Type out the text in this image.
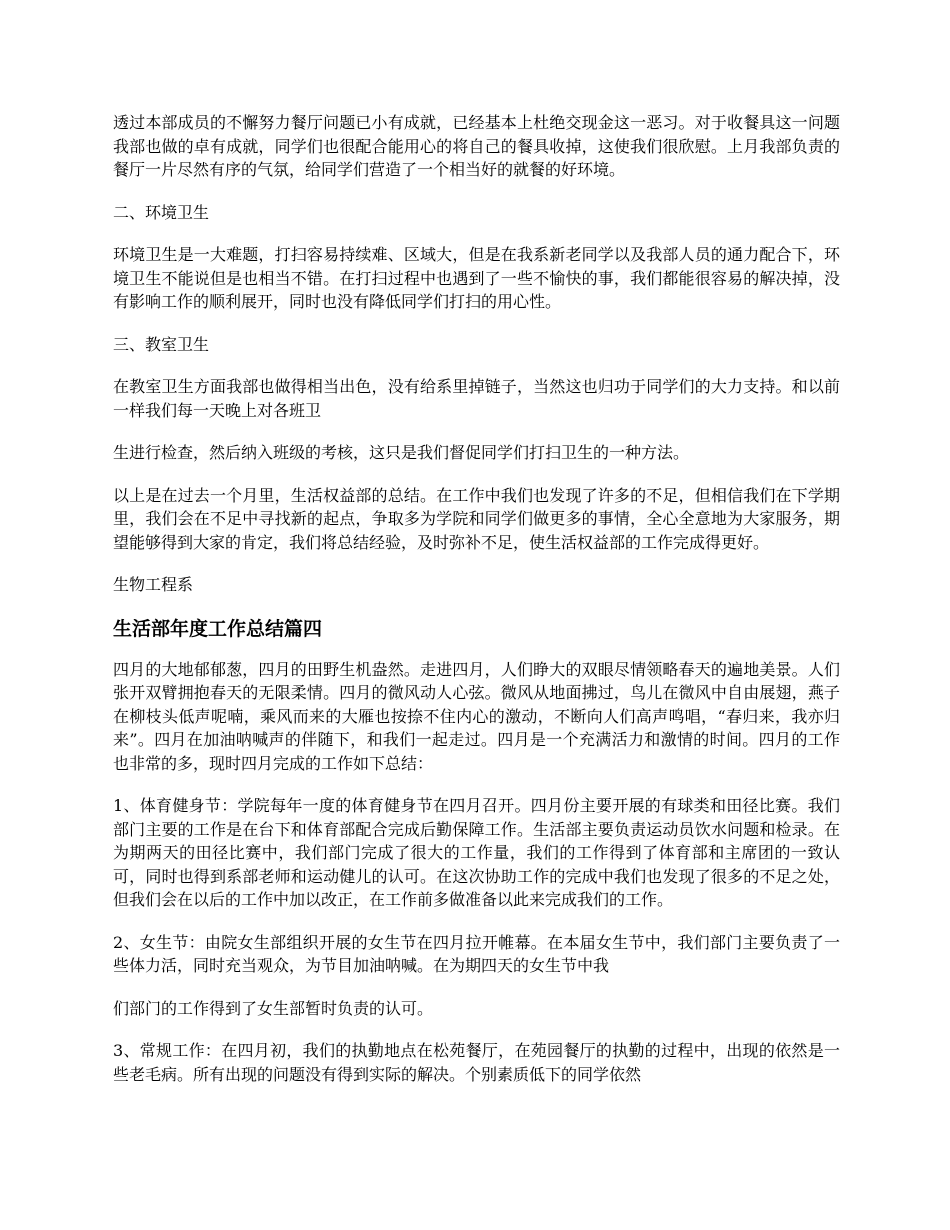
透过本部成员的不懈努力餐厅问题已小有成就，已经基本上杜绝交现金这一恶习。对于收餐具这一问题我部也做的卓有成就，同学们也很配合能用心的将自己的餐具收掉，这使我们很欣慰。上月我部负责的餐厅一片尽然有序的气氛，给同学们营造了一个相当好的就餐的好环境。

二、环境卫生

环境卫生是一大难题，打扫容易持续难、区域大，但是在我系新老同学以及我部人员的通力配合下，环境卫生不能说但是也相当不错。在打扫过程中也遇到了一些不愉快的事，我们都能很容易的解决掉，没有影响工作的顺利展开，同时也没有降低同学们打扫的用心性。

三、教室卫生

在教室卫生方面我部也做得相当出色，没有给系里掉链子，当然这也归功于同学们的大力支持。和以前一样我们每一天晚上对各班卫

生进行检查，然后纳入班级的考核，这只是我们督促同学们打扫卫生的一种方法。

以上是在过去一个月里，生活权益部的总结。在工作中我们也发现了许多的不足，但相信我们在下学期里，我们会在不足中寻找新的起点，争取多为学院和同学们做更多的事情，全心全意地为大家服务，期望能够得到大家的肯定，我们将总结经验，及时弥补不足，使生活权益部的工作完成得更好。

生物工程系

生活部年度工作总结篇四

四月的大地郁郁葱，四月的田野生机盎然。走进四月，人们睁大的双眼尽情领略春天的遍地美景。人们张开双臂拥抱春天的无限柔情。四月的微风动人心弦。微风从地面拂过，鸟儿在微风中自由展翅，燕子在柳枝头低声呢喃，乘风而来的大雁也按捺不住内心的激动，不断向人们高声鸣唱，“春归来，我亦归来”。四月在加油呐喊声的伴随下，和我们一起走过。四月是一个充满活力和激情的时间。四月的工作也非常的多，现时四月完成的工作如下总结：

1、体育健身节：学院每年一度的体育健身节在四月召开。四月份主要开展的有球类和田径比赛。我们部门主要的工作是在台下和体育部配合完成后勤保障工作。生活部主要负责运动员饮水问题和检录。在为期两天的田径比赛中，我们部门完成了很大的工作量，我们的工作得到了体育部和主席团的一致认可，同时也得到系部老师和运动健儿的认可。在这次协助工作的完成中我们也发现了很多的不足之处，但我们会在以后的工作中加以改正，在工作前多做准备以此来完成我们的工作。

2、女生节：由院女生部组织开展的女生节在四月拉开帷幕。在本届女生节中，我们部门主要负责了一些体力活，同时充当观众，为节目加油呐喊。在为期四天的女生节中我

们部门的工作得到了女生部暂时负责的认可。

3、常规工作：在四月初，我们的执勤地点在松苑餐厅，在苑园餐厅的执勤的过程中，出现的依然是一些老毛病。所有出现的问题没有得到实际的解决。个别素质低下的同学依然
